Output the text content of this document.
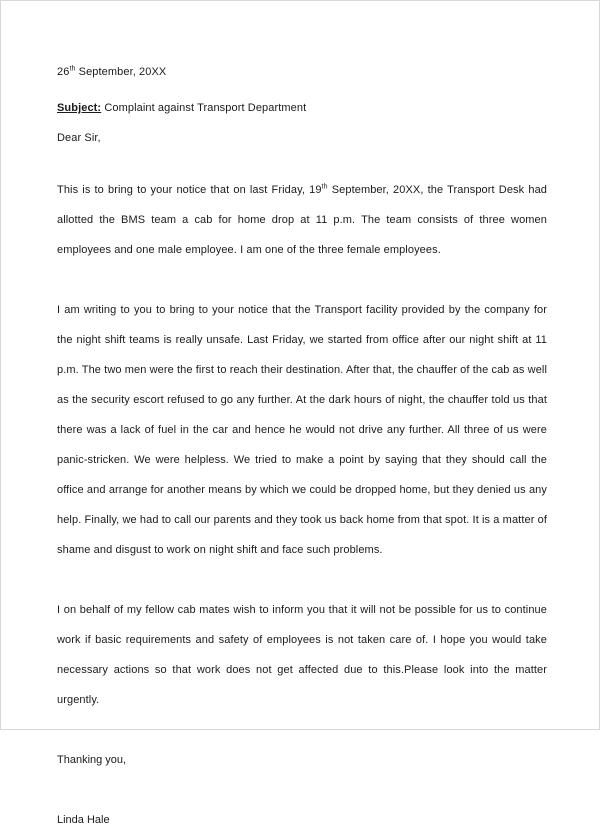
26th September, 20XX
Subject: Complaint against Transport Department
Dear Sir,

This is to bring to your notice that on last Friday, 19th September, 20XX, the Transport Desk had allotted the BMS team a cab for home drop at 11 p.m. The team consists of three women employees and one male employee. I am one of the three female employees.

I am writing to you to bring to your notice that the Transport facility provided by the company for the night shift teams is really unsafe. Last Friday, we started from office after our night shift at 11 p.m. The two men were the first to reach their destination. After that, the chauffer of the cab as well as the security escort refused to go any further. At the dark hours of night, the chauffer told us that there was a lack of fuel in the car and hence he would not drive any further. All three of us were panic-stricken. We were helpless. We tried to make a point by saying that they should call the office and arrange for another means by which we could be dropped home, but they denied us any help. Finally, we had to call our parents and they took us back home from that spot. It is a matter of shame and disgust to work on night shift and face such problems.

I on behalf of my fellow cab mates wish to inform you that it will not be possible for us to continue work if basic requirements and safety of employees is not taken care of. I hope you would take necessary actions so that work does not get affected due to this.Please look into the matter urgently.

Thanking you,
Linda Hale
